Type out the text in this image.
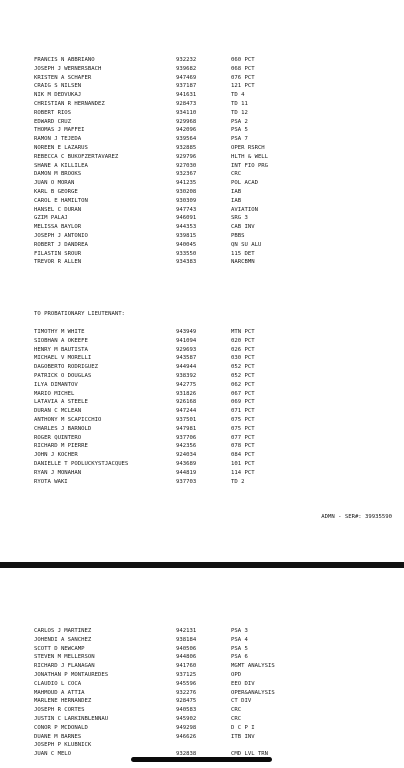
FRANCIS N ABBRIANO	932232	060 PCT
JOSEPH J WERNERSBACH	939682	068 PCT
KRISTEN A SCHAFER	947469	076 PCT
CRAIG S NILSEN	937187	121 PCT
NIK M DEDVUKAJ	941631	TD 4
CHRISTIAN R HERNANDEZ	928473	TD 11
ROBERT RIOS	934110	TD 12
EDWARD CRUZ	929968	PSA 2
THOMAS J MAFFEI	942096	PSA 5
RAMON J TEJEDA	939564	PSA 7
NOREEN E LAZARUS	932885	OPER RSRCH
REBECCA C BUKOFZERTAVAREZ	929796	HLTH & WELL
SHANE A KILLILEA	927030	INT FIO PRG
DAMON M BROOKS	932367	CRC
JUAN O MORAN	941235	POL ACAD
KARL B GEORGE	930208	IAB
CAROL E HAMILTON	930309	IAB
HANSEL C DURAN	947743	AVIATION
GZIM PALAJ	946091	SRG 3
MELISSA BAYLOR	944353	CAB INV
JOSEPH J ANTONIO	939815	PBBS
ROBERT J DANDREA	940045	QN SU ALU
FILASTIN SROUR	933550	115 DET
TREVOR R ALLEN	934383	NARCBMN
TO PROBATIONARY LIEUTENANT:
TIMOTHY M WHITE	943949	MTN PCT
SIOBHAN A OKEEFE	941094	020 PCT
HENRY M BAUTISTA	929693	026 PCT
MICHAEL V MORELLI	943587	030 PCT
DAGOBERTO RODRIGUEZ	944944	052 PCT
PATRICK O DOUGLAS	938392	052 PCT
ILYA DIMANTOV	942775	062 PCT
MARIO MICHEL	931826	067 PCT
LATAVIA A STEELE	926168	069 PCT
DURAN C MCLEAN	947244	071 PCT
ANTHONY M SCAPICCHIO	937501	075 PCT
CHARLES J BARNOLD	947981	075 PCT
ROGER QUINTERO	937706	077 PCT
RICHARD M PIERRE	942356	078 PCT
JOHN J KOCHER	924034	084 PCT
DANIELLE T PODLUCKYSTJACQUES	943689	101 PCT
RYAN J MONAHAN	944819	114 PCT
RYOTA WAKI	937703	TD 2
ADMN - SER#: 39935590
CARLOS J MARTINEZ	942131	PSA 3
JOHENDI A SANCHEZ	938184	PSA 4
SCOTT D NEWCAMP	940506	PSA 5
STEVEN M MELLERSON	944806	PSA 6
RICHARD J FLANAGAN	941760	MGMT ANALYSIS
JONATHAN P MONTAUREDES	937125	OPD
CLAUDIO L COCA	945596	EEO DIV
MAHMOUD A ATTIA	932276	OPER&ANALYSIS
MARLENE HERNANDEZ	928475	CT DIV
JOSEPH R CORTES	940583	CRC
JUSTIN C LARKINBLENNAU	945902	CRC
CONOR P MCDONALD	949298	D C P I
DUANE M BARNES	946626	ITB INV
JOSEPH P KLUBNICK
JUAN C MELO	932838	CMD LVL TRN
